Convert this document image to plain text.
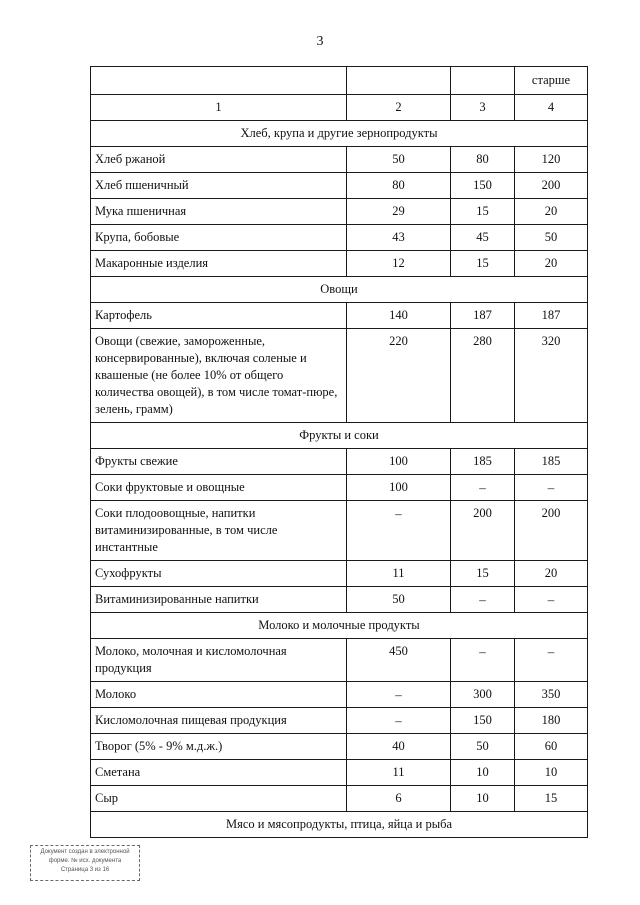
3
			старше
1	2	3	4
Хлеб, крупа и другие зернопродукты			
Хлеб ржаной	50	80	120
Хлеб пшеничный	80	150	200
Мука пшеничная	29	15	20
Крупа, бобовые	43	45	50
Макаронные изделия	12	15	20
Овощи			
Картофель	140	187	187
Овощи (свежие, замороженные, консервированные), включая соленые и квашеные (не более 10% от общего количества овощей), в том числе томат-пюре, зелень, грамм)	220	280	320
Фрукты и соки			
Фрукты свежие	100	185	185
Соки фруктовые и овощные	100	–	–
Соки плодоовощные, напитки витаминизированные, в том числе инстантные	–	200	200
Сухофрукты	11	15	20
Витаминизированные напитки	50	–	–
Молоко и молочные продукты			
Молоко, молочная и кисломолочная продукция	450	–	–
Молоко	–	300	350
Кисломолочная пищевая продукция	–	150	180
Творог (5% - 9% м.д.ж.)	40	50	60
Сметана	11	10	10
Сыр	6	10	15
Мясо и мясопродукты, птица, яйца и рыба			
Документ создан в электронной
форме. № исх. документа
Страница 3 из 16
